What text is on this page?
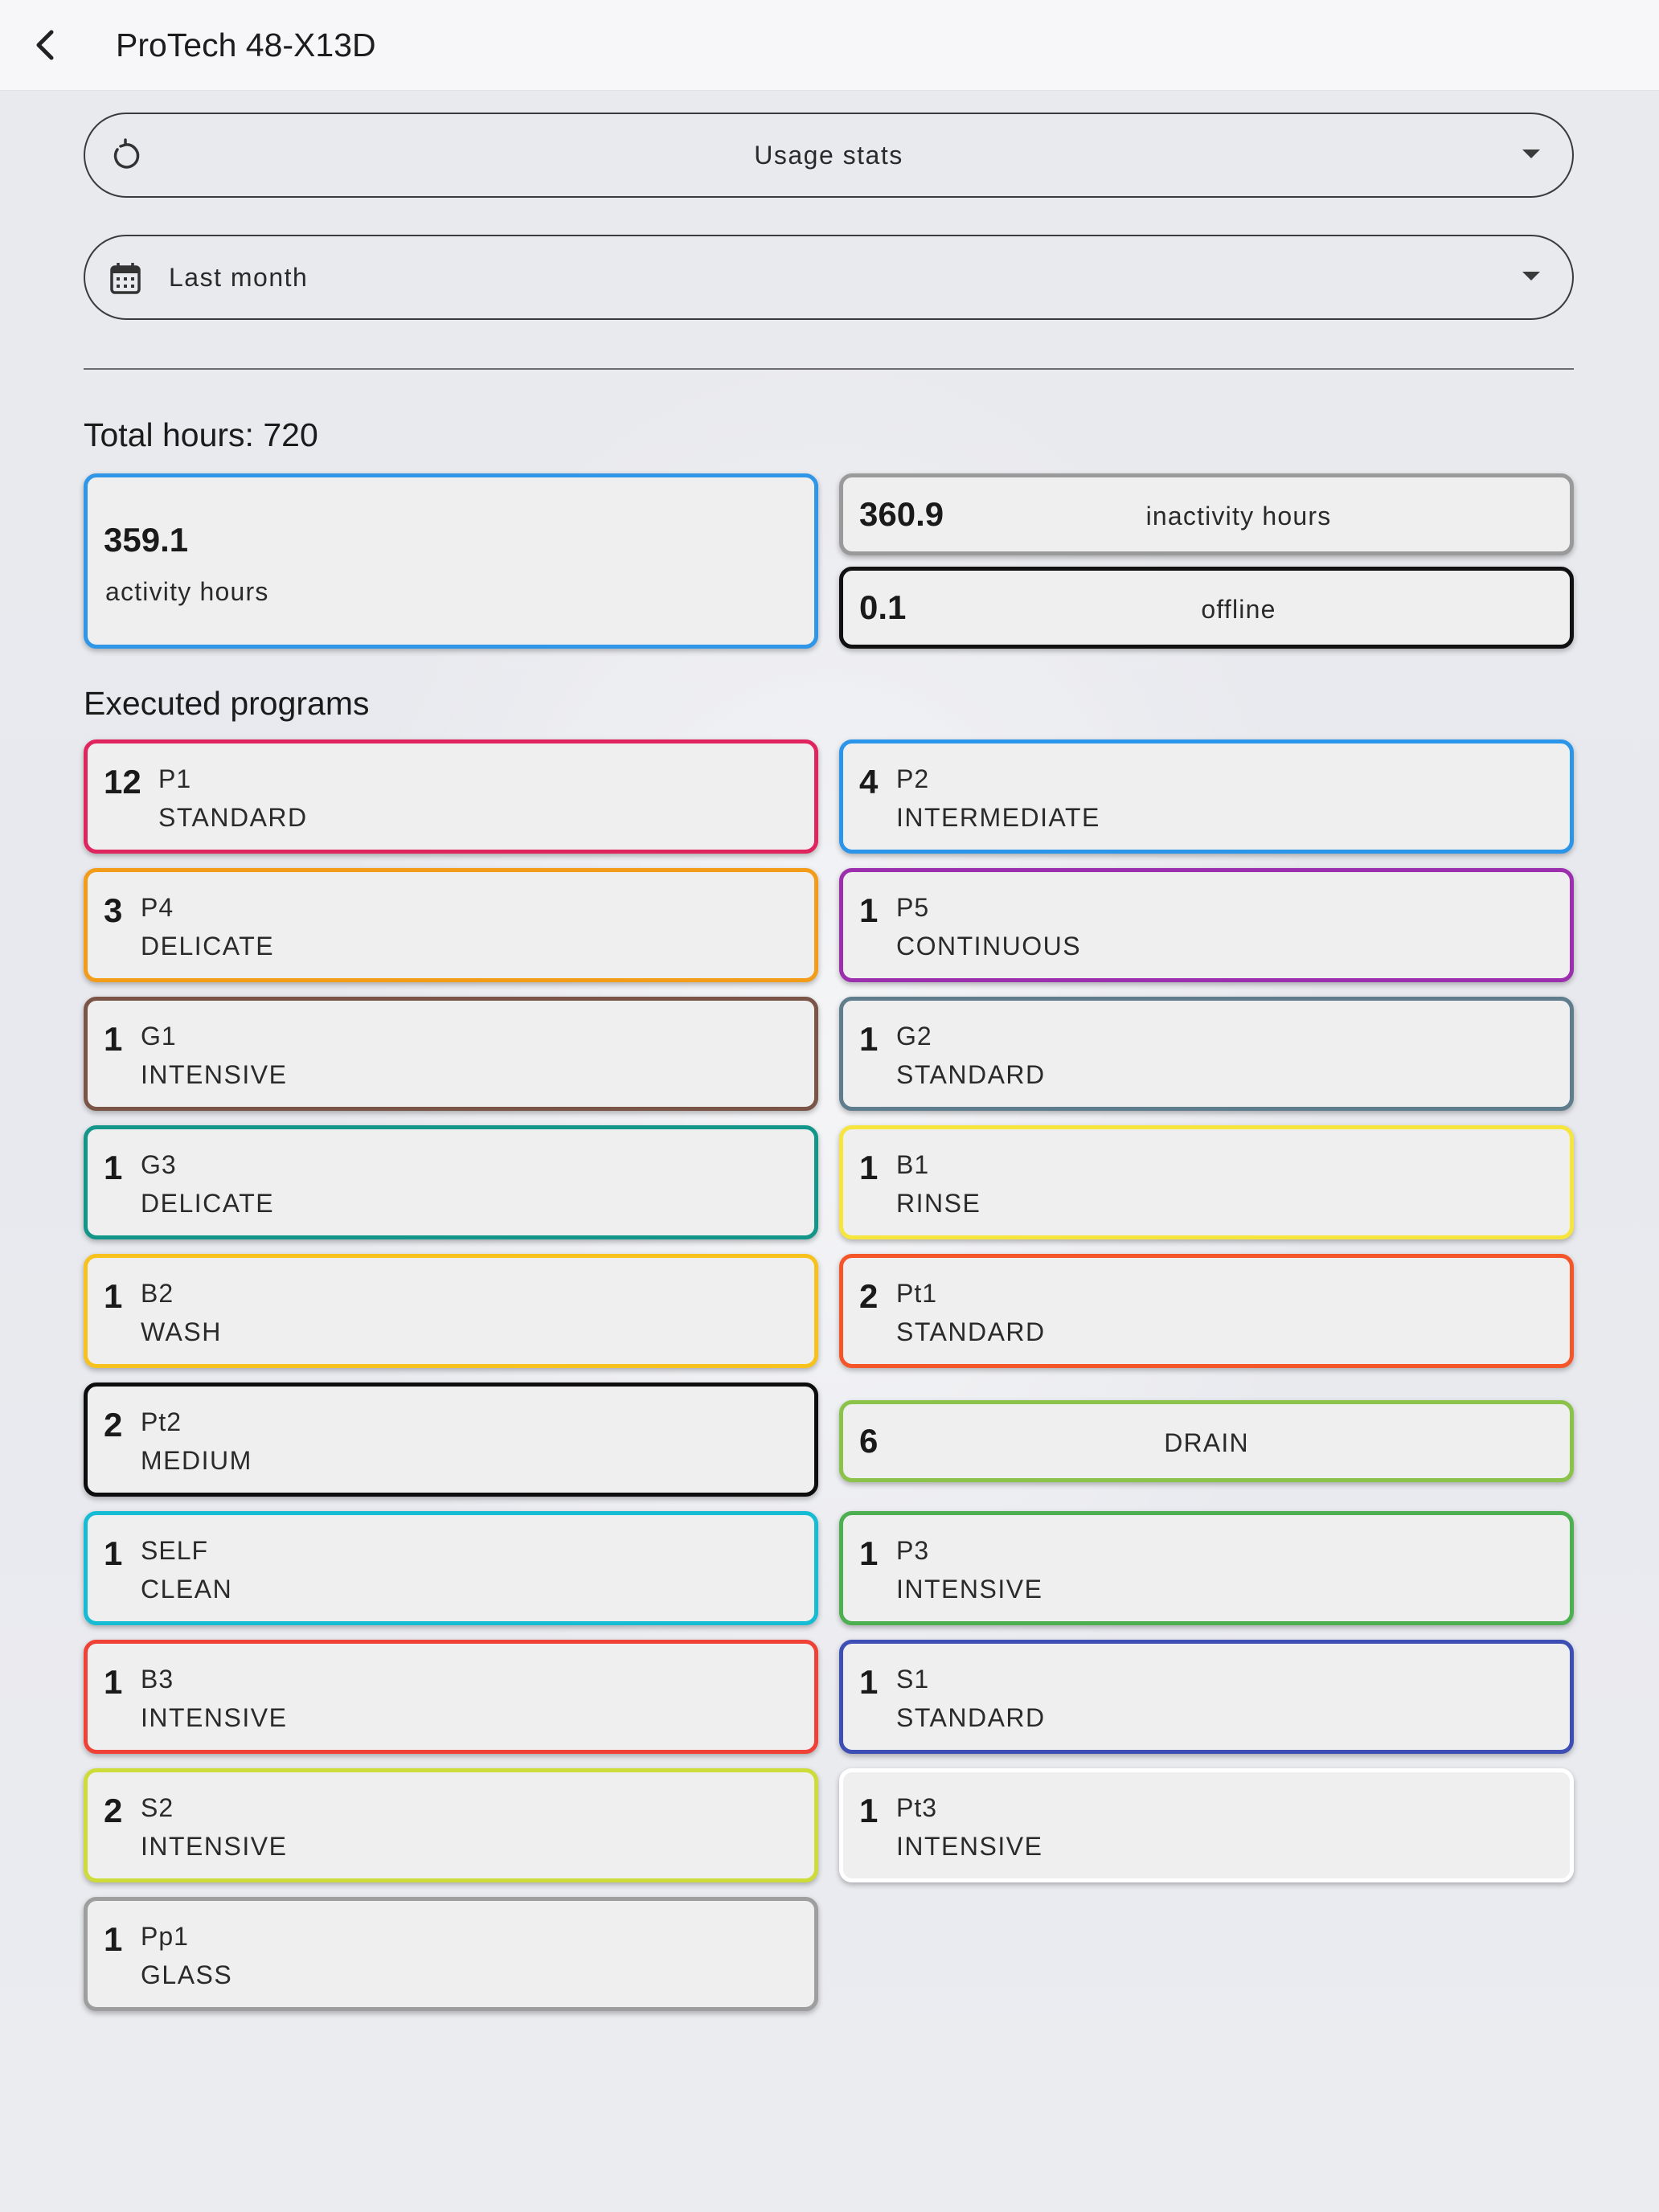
ProTech 48-X13D
Usage stats
Last month
Total hours: 720
359.1
activity hours
360.9	inactivity hours
0.1	offline
Executed programs
12 P1
STANDARD
4 P2
INTERMEDIATE
3 P4
DELICATE
1 P5
CONTINUOUS
1 G1
INTENSIVE
1 G2
STANDARD
1 G3
DELICATE
1 B1
RINSE
1 B2
WASH
2 Pt1
STANDARD
2 Pt2
MEDIUM
6	DRAIN
1 SELF
CLEAN
1 P3
INTENSIVE
1 B3
INTENSIVE
1 S1
STANDARD
2 S2
INTENSIVE
1 Pt3
INTENSIVE
1 Pp1
GLASS
